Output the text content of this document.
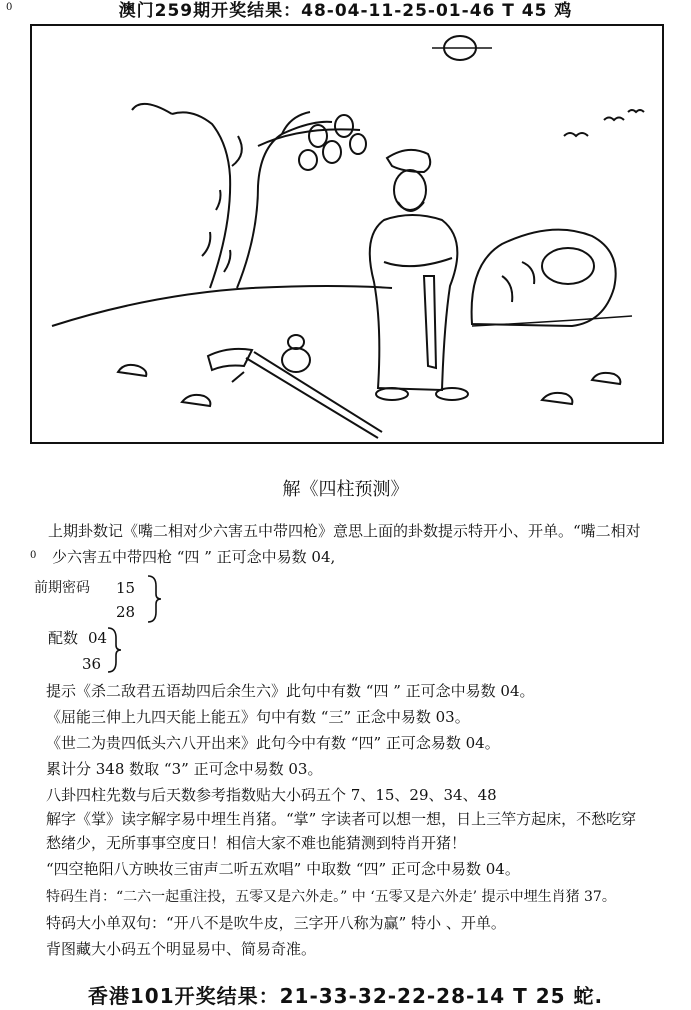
0	澳门259期开奖结果：48-04-11-25-01-46 T 45 鸡
解《四柱预测》
上期卦数记《嘴二相对少六害五中带四枪》意思上面的卦数提示特开小、开单。“嘴二相对
0 少六害五中带四枪 “四 ” 正可念中易数 04,
前期密码 15
28
配数 04
36
提示《杀二敌君五语劫四后余生六》此句中有数 “四 ” 正可念中易数 04。
《屈能三伸上九四天能上能五》句中有数 “三” 正念中易数 03。
《世二为贵四低头六八开出来》此句今中有数 “四” 正可念易数 04。
累计分 348 数取 “3” 正可念中易数 03。
八卦四柱先数与后天数参考指数贴大小码五个 7、15、29、34、48
解字《掌》读字解字易中埋生肖猪。“掌” 字读者可以想一想，日上三竿方起床，不愁吃穿
愁绪少，无所事事空度日！相信大家不难也能猜测到特肖开猪！
“四空艳阳八方映妆三宙声二听五欢唱” 中取数 “四” 正可念中易数 04。
特码生肖：“二六一起重注投，五零又是六外走。” 中 ‘五零又是六外走’ 提示中埋生肖猪 37。
特码大小单双句：“开八不是吹牛皮，三字开八称为赢” 特小 、开单。
背图藏大小码五个明显易中、简易奇准。
香港101开奖结果：21-33-32-22-28-14 T 25 蛇.
